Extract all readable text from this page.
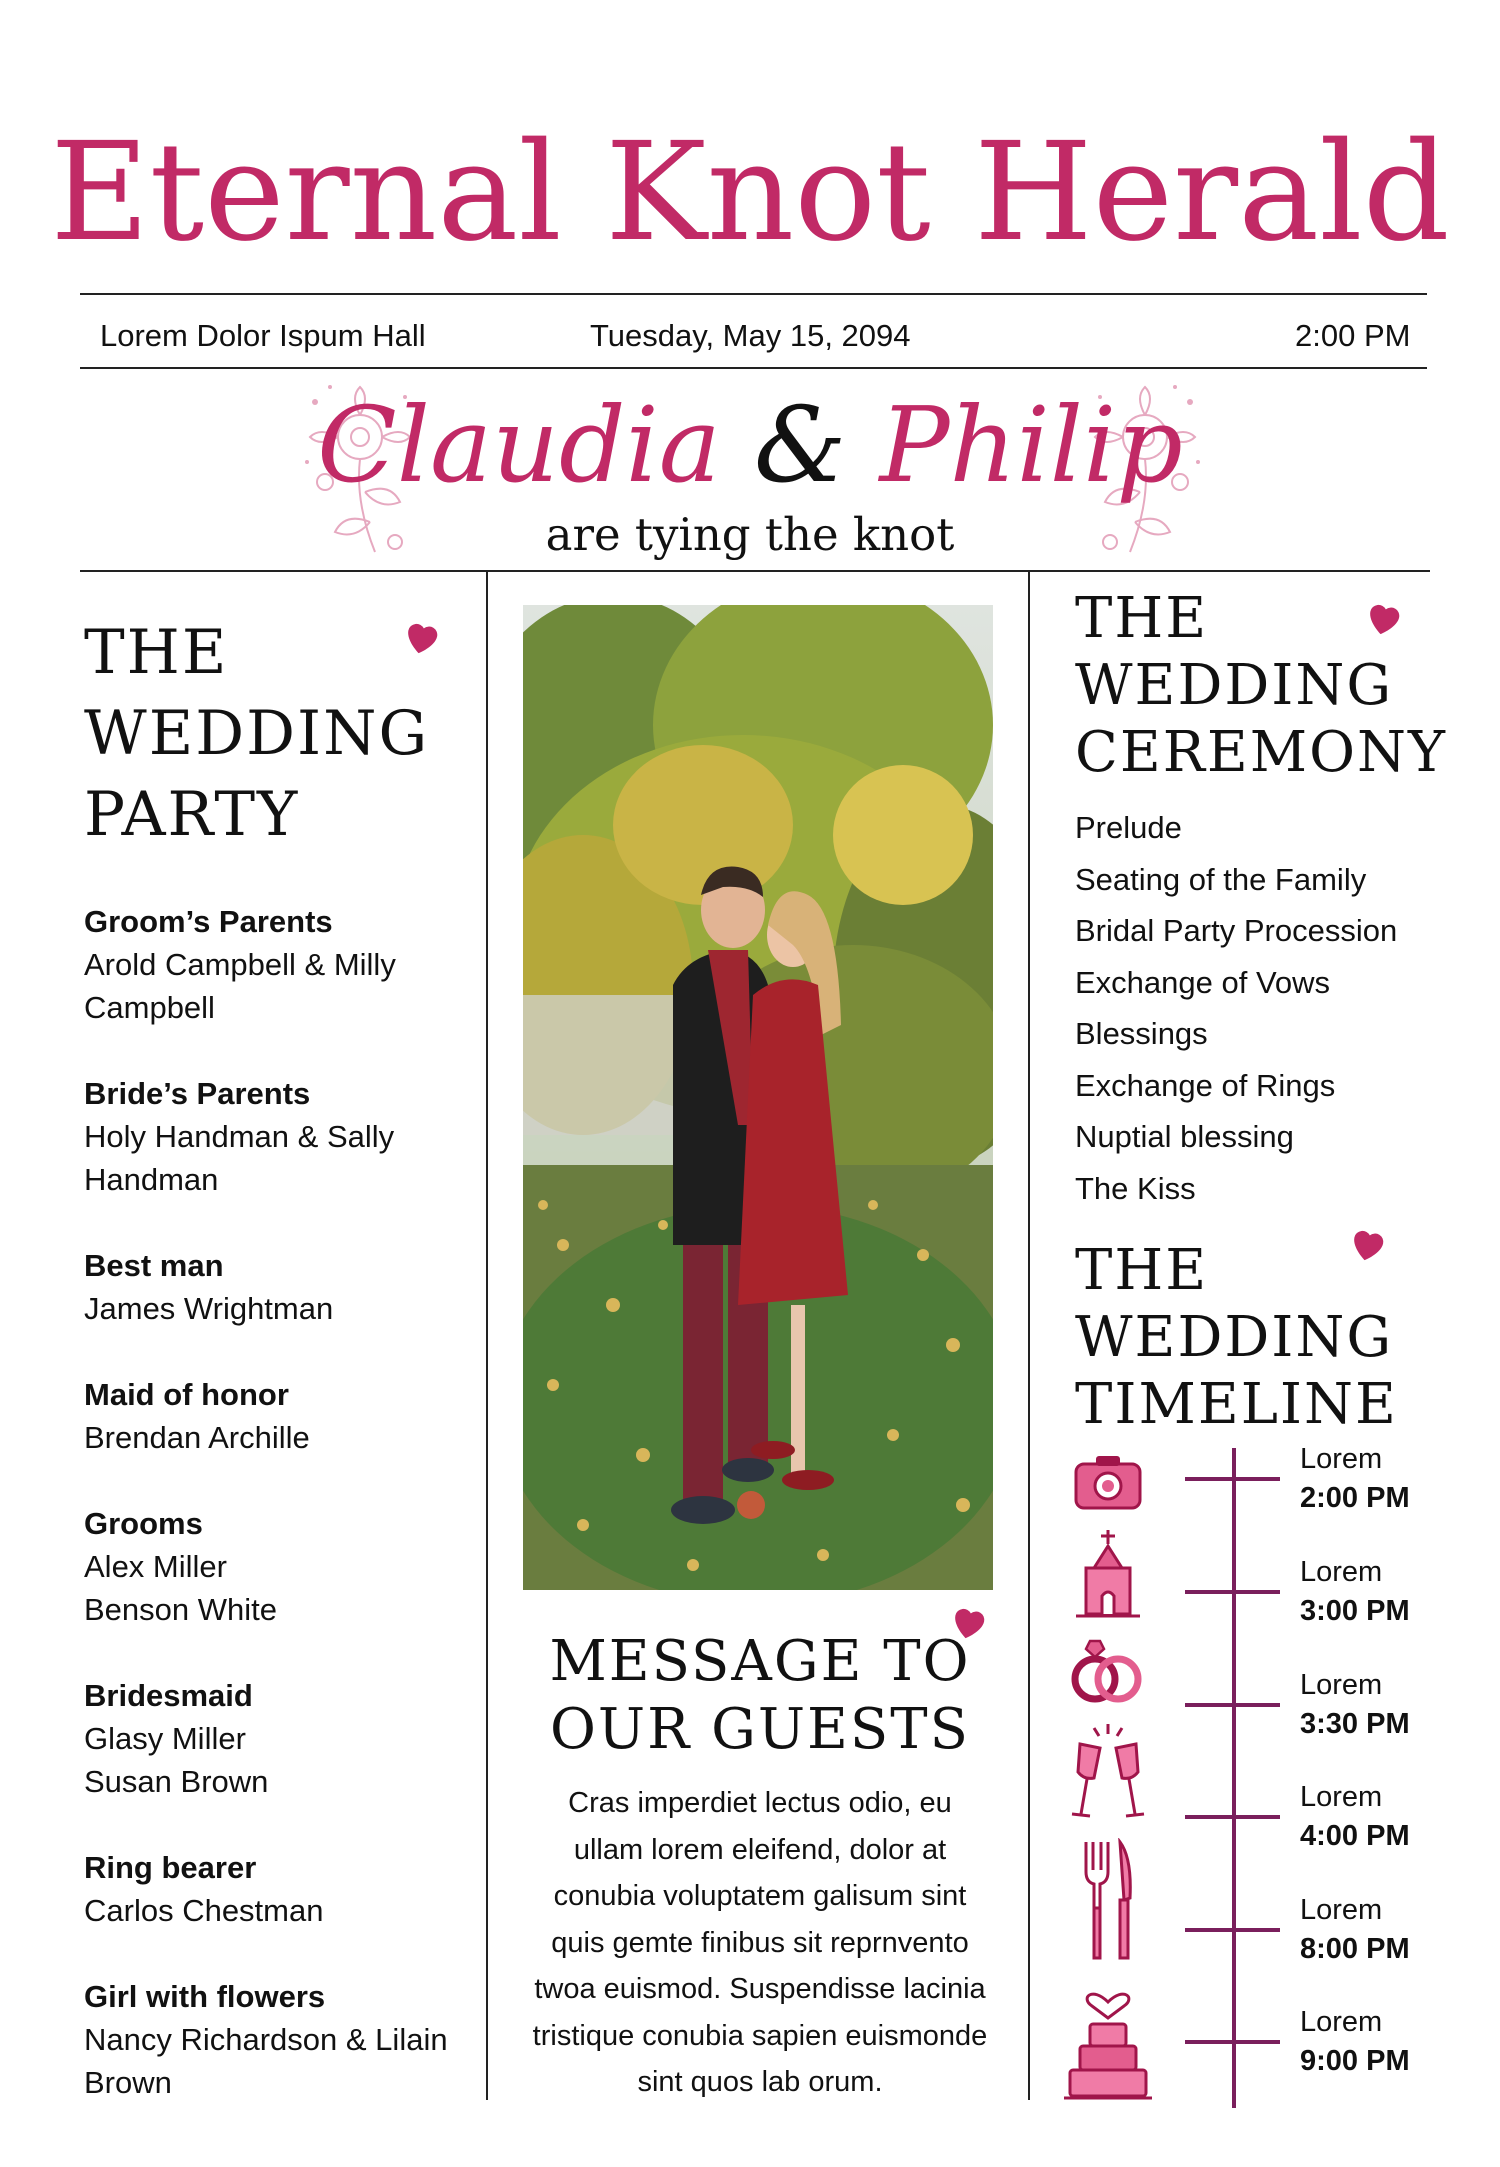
Eternal Knot Herald
Lorem Dolor Ispum Hall	Tuesday, May 15, 2094	2:00 PM
Claudia & Philip
are tying the knot
THE
WEDDING
PARTY
Groom’s Parents
Arold Campbell & Milly
Campbell
Bride’s Parents
Holy Handman & Sally
Handman
Best man
James Wrightman
Maid of honor
Brendan Archille
Grooms
Alex Miller
Benson White
Bridesmaid
Glasy Miller
Susan Brown
Ring bearer
Carlos Chestman
Girl with flowers
Nancy Richardson & Lilain
Brown
MESSAGE TO
OUR GUESTS
Cras imperdiet lectus odio, eu
ullam lorem eleifend, dolor at
conubia voluptatem galisum sint
quis gemte finibus sit reprnvento
twoa euismod. Suspendisse lacinia
tristique conubia sapien euismonde
sint quos lab orum.
THE
WEDDING
CEREMONY
Prelude
Seating of the Family
Bridal Party Procession
Exchange of Vows
Blessings
Exchange of Rings
Nuptial blessing
The Kiss
THE
WEDDING
TIMELINE
Lorem
2:00 PM
Lorem
3:00 PM
Lorem
3:30 PM
Lorem
4:00 PM
Lorem
8:00 PM
Lorem
9:00 PM
